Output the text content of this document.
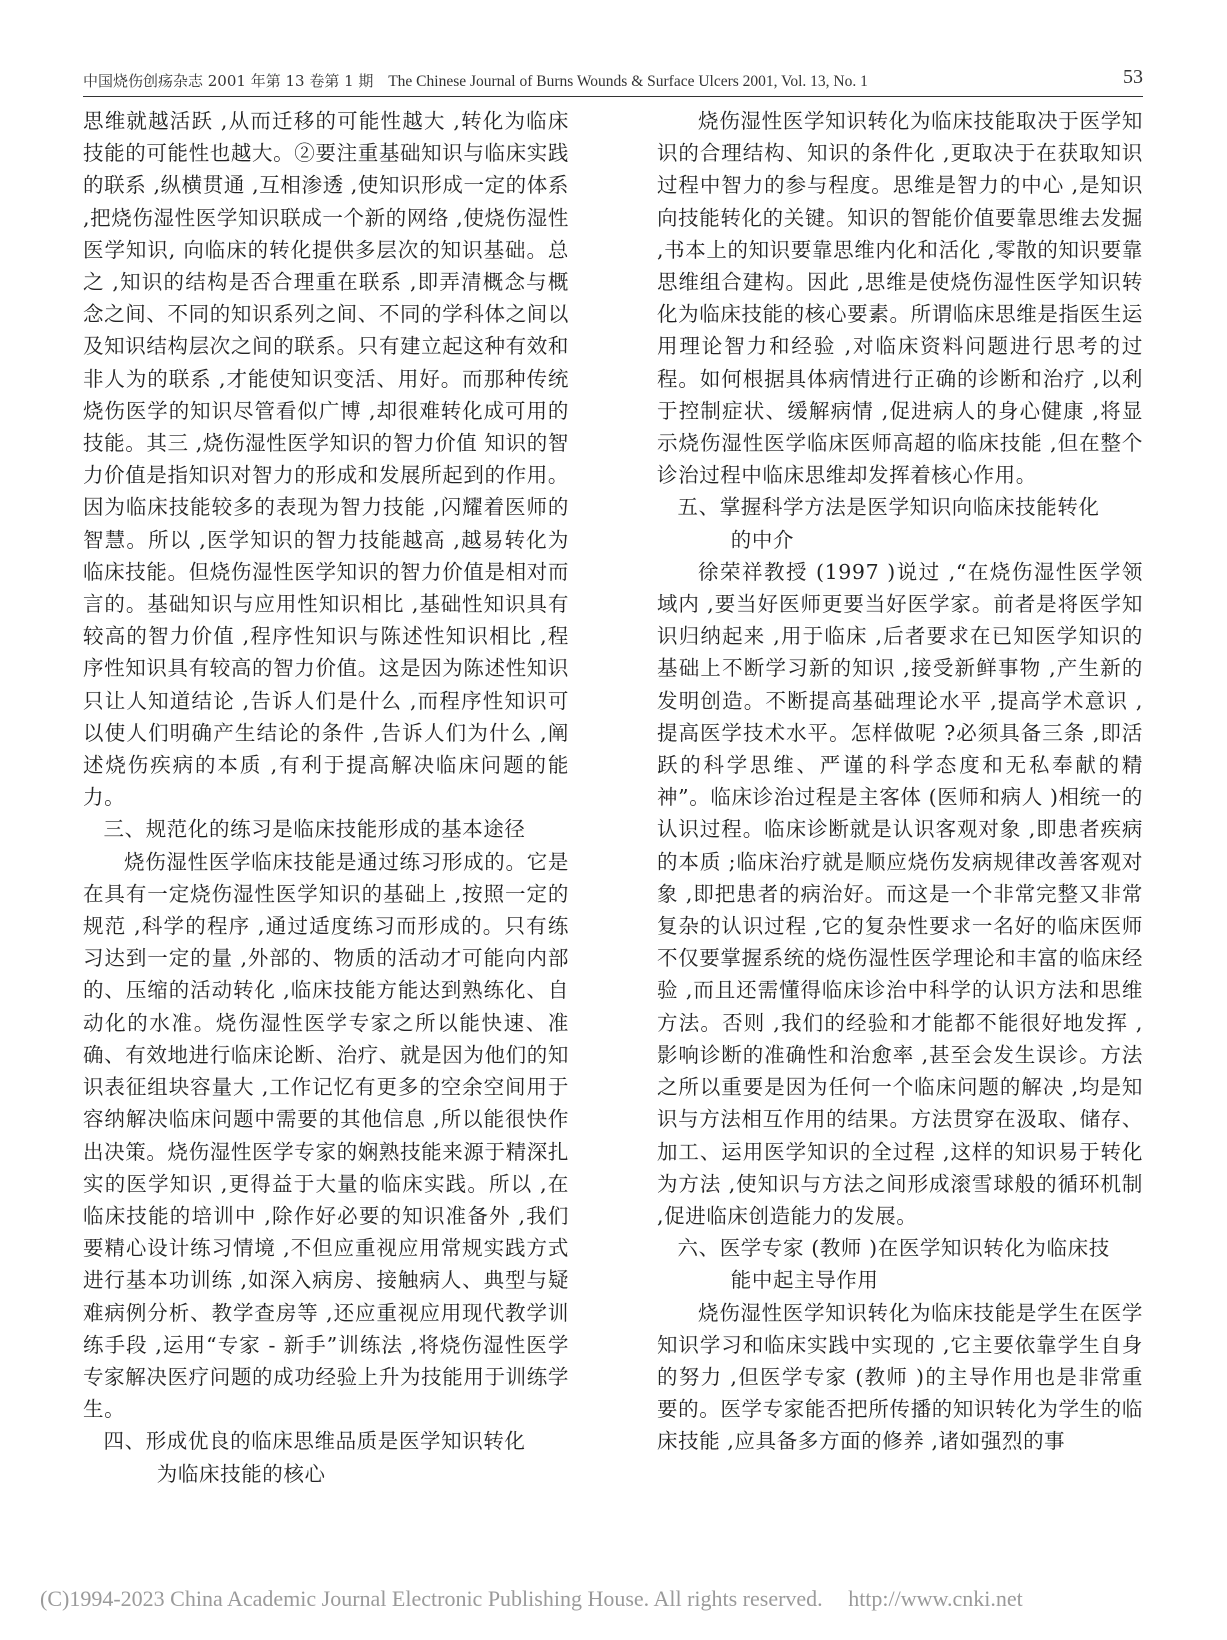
中国烧伤创疡杂志 2001 年第 13 卷第 1 期 The Chinese Journal of Burns Wounds & Surface Ulcers 2001, Vol. 13, No. 1	53

思维就越活跃 ,从而迁移的可能性越大 ,转化为临床技能的可能性也越大。②要注重基础知识与临床实践的联系 ,纵横贯通 ,互相渗透 ,使知识形成一定的体系 ,把烧伤湿性医学知识联成一个新的网络 ,使烧伤湿性医学知识, 向临床的转化提供多层次的知识基础。总之 ,知识的结构是否合理重在联系 ,即弄清概念与概念之间、不同的知识系列之间、不同的学科体之间以及知识结构层次之间的联系。只有建立起这种有效和非人为的联系 ,才能使知识变活、用好。而那种传统烧伤医学的知识尽管看似广博 ,却很难转化成可用的技能。其三 ,烧伤湿性医学知识的智力价值 知识的智力价值是指知识对智力的形成和发展所起到的作用。因为临床技能较多的表现为智力技能 ,闪耀着医师的智慧。所以 ,医学知识的智力技能越高 ,越易转化为临床技能。但烧伤湿性医学知识的智力价值是相对而言的。基础知识与应用性知识相比 ,基础性知识具有较高的智力价值 ,程序性知识与陈述性知识相比 ,程序性知识具有较高的智力价值。这是因为陈述性知识只让人知道结论 ,告诉人们是什么 ,而程序性知识可以使人们明确产生结论的条件 ,告诉人们为什么 ,阐述烧伤疾病的本质 ,有利于提高解决临床问题的能力。

三、规范化的练习是临床技能形成的基本途径

烧伤湿性医学临床技能是通过练习形成的。它是在具有一定烧伤湿性医学知识的基础上 ,按照一定的规范 ,科学的程序 ,通过适度练习而形成的。只有练习达到一定的量 ,外部的、物质的活动才可能向内部的、压缩的活动转化 ,临床技能方能达到熟练化、自动化的水准。烧伤湿性医学专家之所以能快速、准确、有效地进行临床论断、治疗、就是因为他们的知识表征组块容量大 ,工作记忆有更多的空余空间用于容纳解决临床问题中需要的其他信息 ,所以能很快作出决策。烧伤湿性医学专家的娴熟技能来源于精深扎实的医学知识 ,更得益于大量的临床实践。所以 ,在临床技能的培训中 ,除作好必要的知识准备外 ,我们要精心设计练习情境 ,不但应重视应用常规实践方式进行基本功训练 ,如深入病房、接触病人、典型与疑难病例分析、教学查房等 ,还应重视应用现代教学训练手段 ,运用“专家 - 新手”训练法 ,将烧伤湿性医学专家解决医疗问题的成功经验上升为技能用于训练学生。

四、形成优良的临床思维品质是医学知识转化
为临床技能的核心

烧伤湿性医学知识转化为临床技能取决于医学知识的合理结构、知识的条件化 ,更取决于在获取知识过程中智力的参与程度。思维是智力的中心 ,是知识向技能转化的关键。知识的智能价值要靠思维去发掘 ,书本上的知识要靠思维内化和活化 ,零散的知识要靠思维组合建构。因此 ,思维是使烧伤湿性医学知识转化为临床技能的核心要素。所谓临床思维是指医生运用理论智力和经验 ,对临床资料问题进行思考的过程。如何根据具体病情进行正确的诊断和治疗 ,以利于控制症状、缓解病情 ,促进病人的身心健康 ,将显示烧伤湿性医学临床医师高超的临床技能 ,但在整个诊治过程中临床思维却发挥着核心作用。

五、掌握科学方法是医学知识向临床技能转化
的中介

徐荣祥教授 (1997 )说过 ,“在烧伤湿性医学领域内 ,要当好医师更要当好医学家。前者是将医学知识归纳起来 ,用于临床 ,后者要求在已知医学知识的基础上不断学习新的知识 ,接受新鲜事物 ,产生新的发明创造。不断提高基础理论水平 ,提高学术意识 ,提高医学技术水平。怎样做呢 ?必须具备三条 ,即活跃的科学思维、严谨的科学态度和无私奉献的精神”。临床诊治过程是主客体 (医师和病人 )相统一的认识过程。临床诊断就是认识客观对象 ,即患者疾病的本质 ;临床治疗就是顺应烧伤发病规律改善客观对象 ,即把患者的病治好。而这是一个非常完整又非常复杂的认识过程 ,它的复杂性要求一名好的临床医师不仅要掌握系统的烧伤湿性医学理论和丰富的临床经验 ,而且还需懂得临床诊治中科学的认识方法和思维方法。否则 ,我们的经验和才能都不能很好地发挥 ,影响诊断的准确性和治愈率 ,甚至会发生误诊。方法之所以重要是因为任何一个临床问题的解决 ,均是知识与方法相互作用的结果。方法贯穿在汲取、储存、加工、运用医学知识的全过程 ,这样的知识易于转化为方法 ,使知识与方法之间形成滚雪球般的循环机制 ,促进临床创造能力的发展。

六、医学专家 (教师 )在医学知识转化为临床技
能中起主导作用

烧伤湿性医学知识转化为临床技能是学生在医学知识学习和临床实践中实现的 ,它主要依靠学生自身的努力 ,但医学专家 (教师 )的主导作用也是非常重要的。医学专家能否把所传播的知识转化为学生的临床技能 ,应具备多方面的修养 ,诸如强烈的事

(C)1994-2023 China Academic Journal Electronic Publishing House. All rights reserved. http://www.cnki.net
